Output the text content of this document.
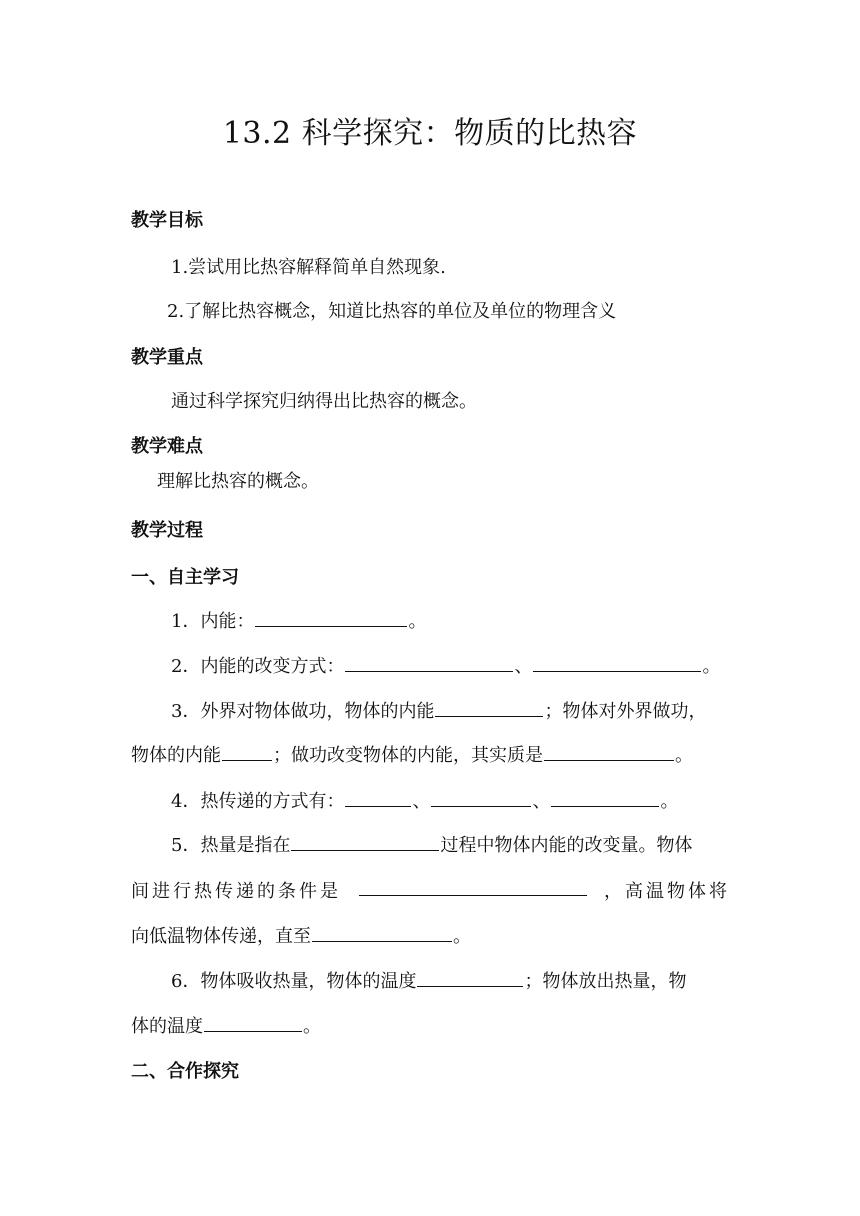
13.2 科学探究：物质的比热容
教学目标
1.尝试用比热容解释简单自然现象.
2.了解比热容概念，知道比热容的单位及单位的物理含义
教学重点
通过科学探究归纳得出比热容的概念。
教学难点
理解比热容的概念。
教学过程
一、自主学习
1．内能：	。
2．内能的改变方式：	、	。
3．外界对物体做功，物体的内能	；物体对外界做功，
物体的内能	；做功改变物体的内能，其实质是	。
4．热传递的方式有：	、	、	。
5．热量是指在	过程中物体内能的改变量。物体
间进行热传递的条件是	，高温物体将
向低温物体传递，直至	。
6．物体吸收热量，物体的温度	；物体放出热量，物
体的温度	。
二、合作探究
